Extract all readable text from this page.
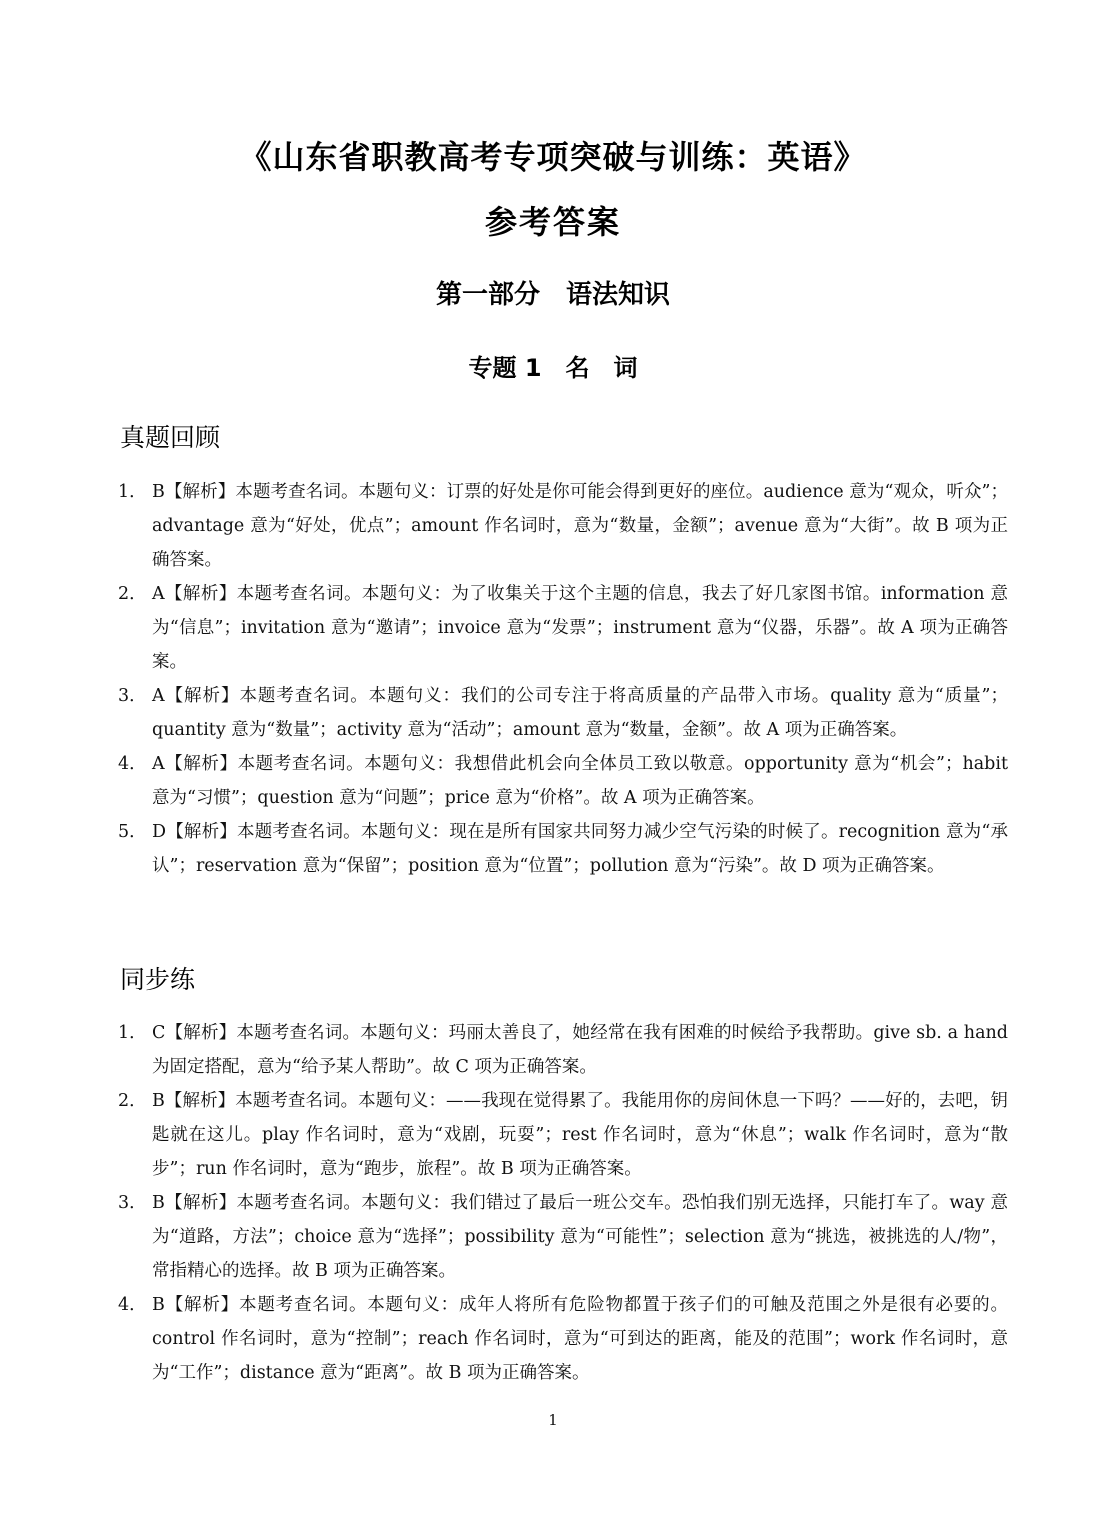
《山东省职教高考专项突破与训练：英语》
参考答案
第一部分　语法知识
专题 1　名　词
真题回顾
1． B【解析】本题考查名词。本题句义：订票的好处是你可能会得到更好的座位。audience 意为“观众，听众”；advantage 意为“好处，优点”；amount 作名词时，意为“数量，金额”；avenue 意为“大街”。故 B 项为正确答案。
2． A【解析】本题考查名词。本题句义：为了收集关于这个主题的信息，我去了好几家图书馆。information 意为“信息”；invitation 意为“邀请”；invoice 意为“发票”；instrument 意为“仪器，乐器”。故 A 项为正确答案。
3． A【解析】本题考查名词。本题句义：我们的公司专注于将高质量的产品带入市场。quality 意为“质量”；quantity 意为“数量”；activity 意为“活动”；amount 意为“数量，金额”。故 A 项为正确答案。
4． A【解析】本题考查名词。本题句义：我想借此机会向全体员工致以敬意。opportunity 意为“机会”；habit 意为“习惯”；question 意为“问题”；price 意为“价格”。故 A 项为正确答案。
5． D【解析】本题考查名词。本题句义：现在是所有国家共同努力减少空气污染的时候了。recognition 意为“承认”；reservation 意为“保留”；position 意为“位置”；pollution 意为“污染”。故 D 项为正确答案。
同步练
1． C【解析】本题考查名词。本题句义：玛丽太善良了，她经常在我有困难的时候给予我帮助。give sb. a hand 为固定搭配，意为“给予某人帮助”。故 C 项为正确答案。
2． B【解析】本题考查名词。本题句义：——我现在觉得累了。我能用你的房间休息一下吗？——好的，去吧，钥匙就在这儿。play 作名词时，意为“戏剧，玩耍”；rest 作名词时，意为“休息”；walk 作名词时，意为“散步”；run 作名词时，意为“跑步，旅程”。故 B 项为正确答案。
3． B【解析】本题考查名词。本题句义：我们错过了最后一班公交车。恐怕我们别无选择，只能打车了。way 意为“道路，方法”；choice 意为“选择”；possibility 意为“可能性”；selection 意为“挑选，被挑选的人/物”，常指精心的选择。故 B 项为正确答案。
4． B【解析】本题考查名词。本题句义：成年人将所有危险物都置于孩子们的可触及范围之外是很有必要的。control 作名词时，意为“控制”；reach 作名词时，意为“可到达的距离，能及的范围”；work 作名词时，意为“工作”；distance 意为“距离”。故 B 项为正确答案。
1
